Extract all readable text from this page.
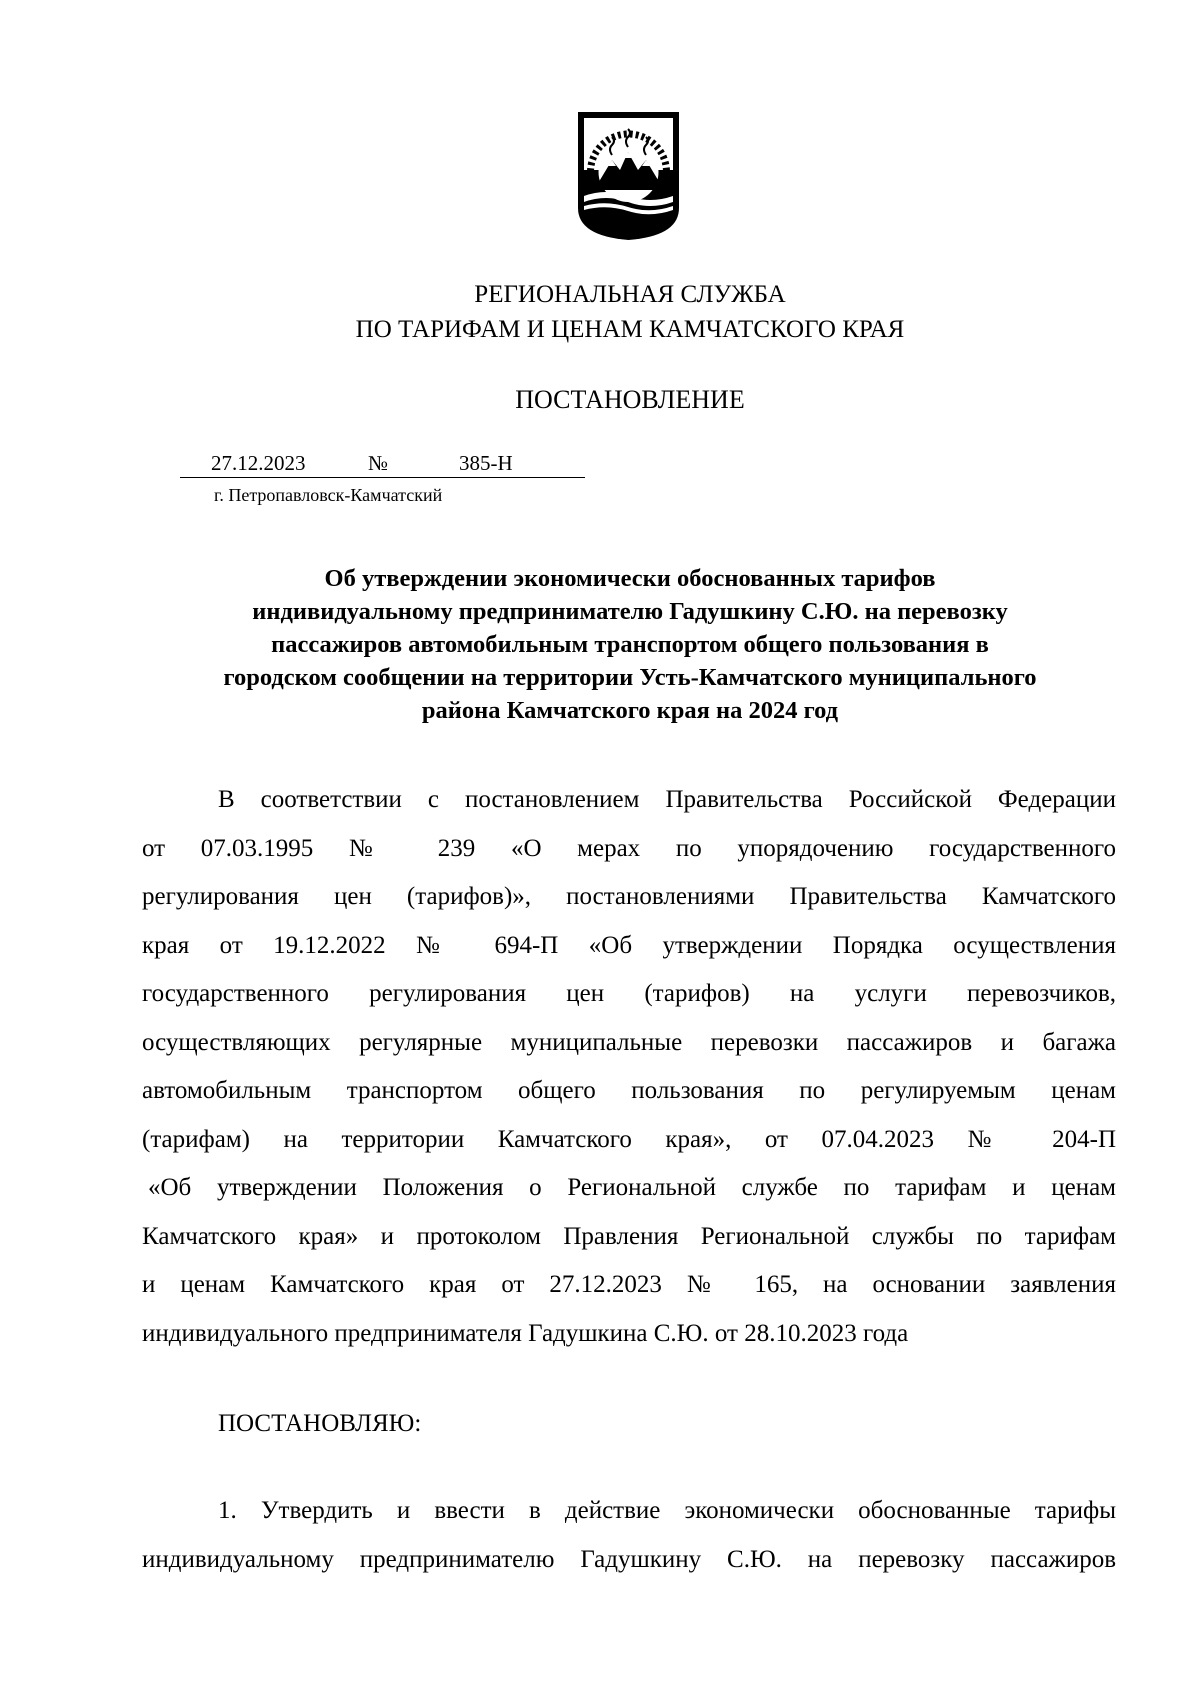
РЕГИОНАЛЬНАЯ СЛУЖБА
ПО ТАРИФАМ И ЦЕНАМ КАМЧАТСКОГО КРАЯ
ПОСТАНОВЛЕНИЕ
27.12.2023	№	385-Н
г. Петропавловск-Камчатский
Об утверждении экономически обоснованных тарифов
индивидуальному предпринимателю Гадушкину С.Ю. на перевозку
пассажиров автомобильным транспортом общего пользования в
городском сообщении на территории Усть-Камчатского муниципального
района Камчатского края на 2024 год
В соответствии с постановлением Правительства Российской Федерации
от 07.03.1995 № 239 «О мерах по упорядочению государственного
регулирования цен (тарифов)», постановлениями Правительства Камчатского
края от 19.12.2022 № 694-П «Об утверждении Порядка осуществления
государственного регулирования цен (тарифов) на услуги перевозчиков,
осуществляющих регулярные муниципальные перевозки пассажиров и багажа
автомобильным транспортом общего пользования по регулируемым ценам
(тарифам) на территории Камчатского края», от 07.04.2023 № 204-П
«Об утверждении Положения о Региональной службе по тарифам и ценам
Камчатского края» и протоколом Правления Региональной службы по тарифам
и ценам Камчатского края от 27.12.2023 № 165, на основании заявления
индивидуального предпринимателя Гадушкина С.Ю. от 28.10.2023 года
ПОСТАНОВЛЯЮ:
1. Утвердить и ввести в действие экономически обоснованные тарифы
индивидуальному предпринимателю Гадушкину С.Ю. на перевозку пассажиров
